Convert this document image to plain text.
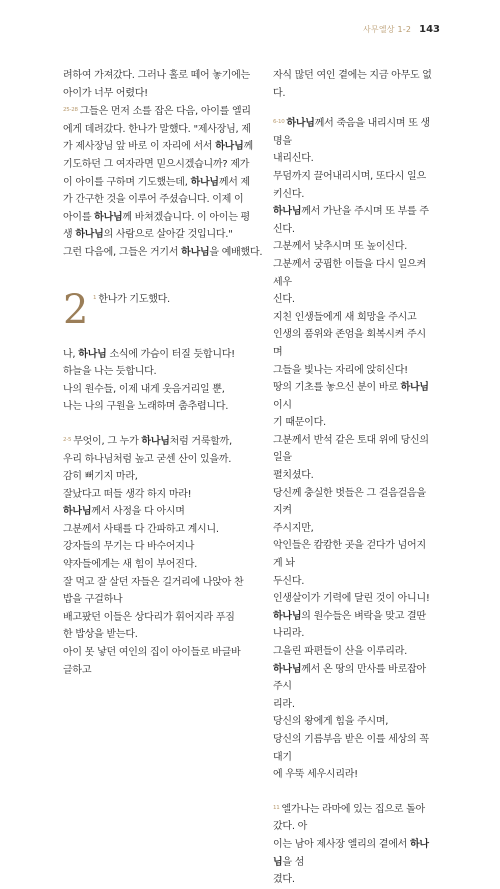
사무엘상 1-2 143

려하여 가져갔다. 그러나 홀로 떼어 놓기에는

아이가 너무 어렸다!

$^{25-28}$ 그들은 먼저 소를 잡은 다음, 아이를 엘리

에게 데려갔다. 한나가 말했다. "제사장님, 제

가 제사장님 앞 바로 이 자리에 서서 하나님께

기도하던 그 여자라면 믿으시겠습니까? 제가

이 아이를 구하며 기도했는데, 하나님께서 제

가 간구한 것을 이루어 주셨습니다. 이제 이

아이를 하나님께 바쳐겠습니다. 이 아이는 평

생 하나님의 사람으로 살아갈 것입니다."

그런 다음에, 그들은 거기서 하나님을 예배했다.

2 $^1$ 한나가 기도했다.

나, 하나님 소식에 가슴이 터질 듯합니다!

하늘을 나는 듯합니다.

나의 원수들, 이제 내게 웃음거리일 뿐,

나는 나의 구원을 노래하며 춤추렵니다.

$^{2-5}$ 무엇이, 그 누가 하나님처럼 거룩할까,

우리 하나님처럼 높고 굳센 산이 있을까.

감히 뻐기지 마라,

잘났다고 떠들 생각 하지 마라!

하나님께서 사정을 다 아시며

그분께서 사태를 다 간파하고 계시니.

강자들의 무기는 다 바수어지나

약자들에게는 새 힘이 부어진다.

잘 먹고 잘 살던 자들은 길거리에 나앉아 찬

밥을 구걸하나

배고팠던 이들은 상다리가 휘어지라 푸짐

한 밥상을 받는다.

아이 못 낳던 여인의 집이 아이들로 바글바

글하고

자식 많던 여인 곁에는 지금 아무도 없다.

$^{6-10}$ 하나님께서 죽음을 내리시며 또 생명을

내리신다.

무덤까지 끌어내리시며, 또다시 일으키신다.

하나님께서 가난을 주시며 또 부를 주신다.

그분께서 낮추시며 또 높이신다.

그분께서 궁핍한 이들을 다시 일으켜 세우

신다.

지친 인생들에게 새 희망을 주시고

인생의 품위와 존엄을 회복시켜 주시며

그들을 빛나는 자리에 앉히신다!

땅의 기초를 놓으신 분이 바로 하나님이시

기 때문이다.

그분께서 반석 같은 토대 위에 당신의 일을

펼치셨다.

당신께 충실한 벗들은 그 걸음걸음을 지켜

주시지만,

악인들은 캄캄한 곳을 걷다가 넘어지게 놔

두신다.

인생살이가 기력에 달린 것이 아니니!

하나님의 원수들은 벼락을 맞고 결딴나리라.

그을린 파편들이 산을 이루리라.

하나님께서 온 땅의 만사를 바로잡아 주시

리라.

당신의 왕에게 힘을 주시며,

당신의 기름부음 받은 이를 세상의 꼭대기

에 우뚝 세우시리라!

$^{11}$ 엘가나는 라마에 있는 집으로 돌아갔다. 아

이는 남아 제사장 엘리의 곁에서 하나님을 섬

겼다.
